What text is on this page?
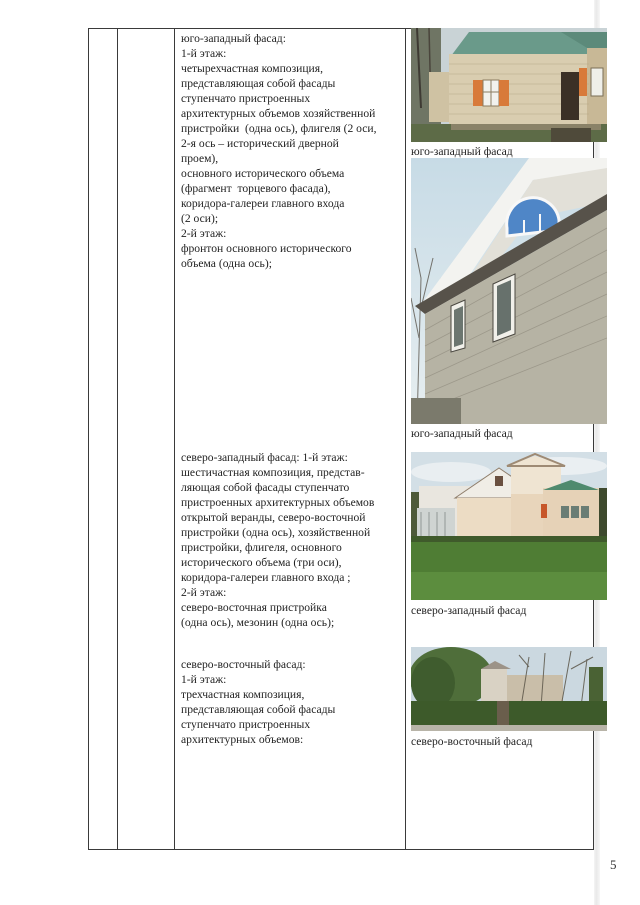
юго-западный фасад:
1-й этаж:
четырехчастная композиция,
представляющая собой фасады
ступенчато пристроенных
архитектурных объемов хозяйственной
пристройки  (одна ось), флигеля (2 оси,
2-я ось – исторический дверной
проем),
основного исторического объема
(фрагмент  торцевого фасада),
коридора-галереи главного входа
(2 оси);
2-й этаж:
фронтон основного исторического
объема (одна ось);
северо-западный фасад: 1-й этаж:
шестичастная композиция, представ-
ляющая собой фасады ступенчато
пристроенных архитектурных объемов
открытой веранды, северо-восточной
пристройки (одна ось), хозяйственной
пристройки, флигеля, основного
исторического объема (три оси),
коридора-галереи главного входа ;
2-й этаж:
северо-восточная пристройка
(одна ось), мезонин (одна ось);
северо-восточный фасад:
1-й этаж:
трехчастная композиция,
представляющая собой фасады
ступенчато пристроенных
архитектурных объемов:
юго-западный фасад
юго-западный фасад
северо-западный фасад
северо-восточный фасад
5
